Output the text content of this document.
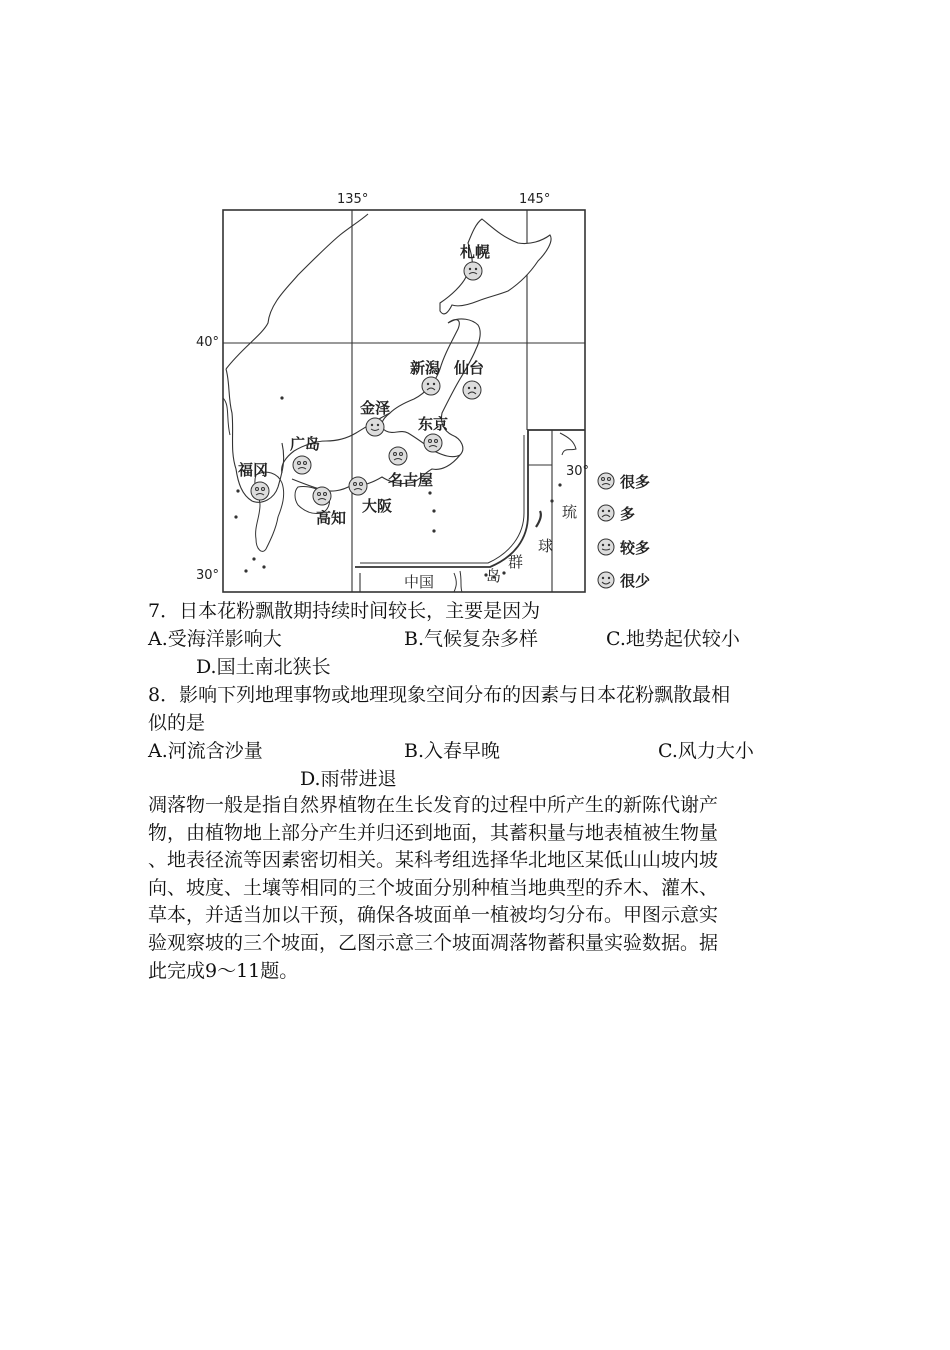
135°	145°
40°
30°
30°
中国
琉
球
群
岛
札幌
新潟 仙台
金泽
东京
广岛
福冈
名古屋
大阪
高知
很多
多
较多
很少
7．日本花粉飘散期持续时间较长，主要是因为
A.受海洋影响大	B.气候复杂多样	C.地势起伏较小
D.国土南北狭长
8．影响下列地理事物或地理现象空间分布的因素与日本花粉飘散最相
似的是
A.河流含沙量	B.入春早晚	C.风力大小
D.雨带进退
凋落物一般是指自然界植物在生长发育的过程中所产生的新陈代谢产
物，由植物地上部分产生并归还到地面，其蓄积量与地表植被生物量
、地表径流等因素密切相关。某科考组选择华北地区某低山山坡内坡
向、坡度、土壤等相同的三个坡面分别种植当地典型的乔木、灌木、
草本，并适当加以干预，确保各坡面单一植被均匀分布。甲图示意实
验观察坡的三个坡面，乙图示意三个坡面凋落物蓄积量实验数据。据
此完成9～11题。
